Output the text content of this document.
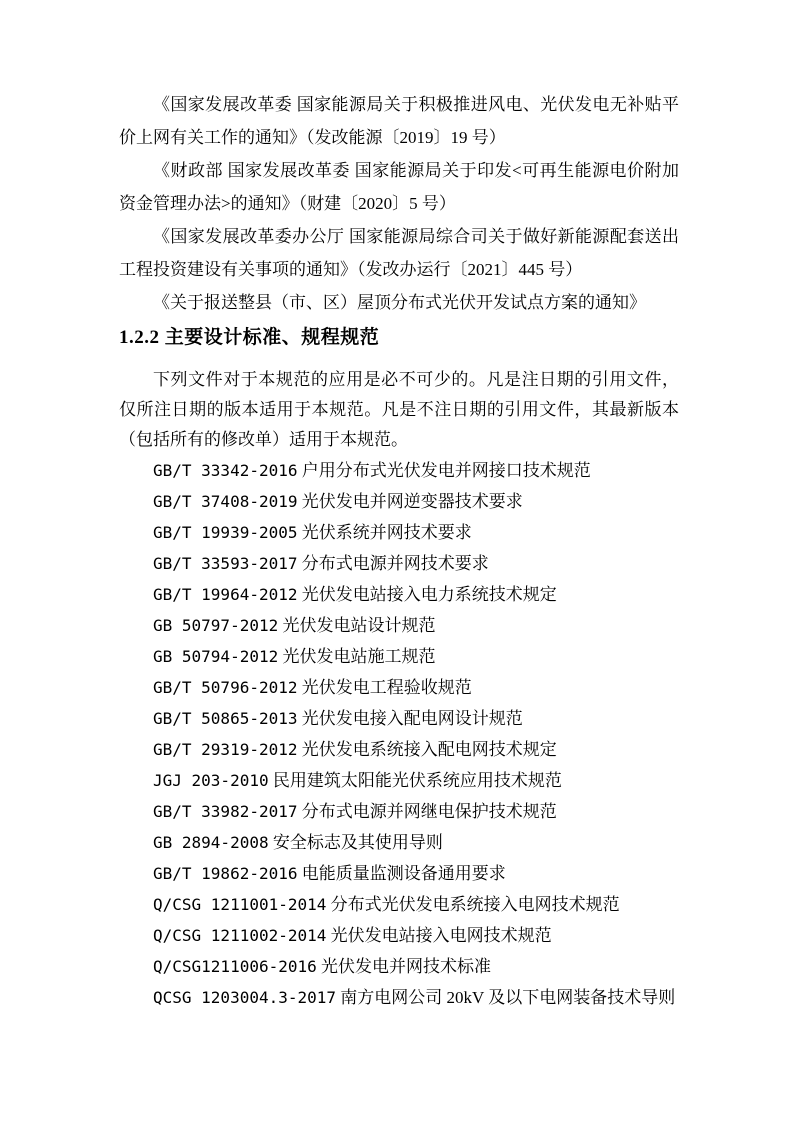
《国家发展改革委 国家能源局关于积极推进风电、光伏发电无补贴平价上网有关工作的通知》（发改能源〔2019〕19 号）

《财政部 国家发展改革委 国家能源局关于印发<可再生能源电价附加资金管理办法>的通知》（财建〔2020〕5 号）

《国家发展改革委办公厅 国家能源局综合司关于做好新能源配套送出工程投资建设有关事项的通知》（发改办运行〔2021〕445 号）

《关于报送整县（市、区）屋顶分布式光伏开发试点方案的通知》

1.2.2 主要设计标准、规程规范

下列文件对于本规范的应用是必不可少的。凡是注日期的引用文件，仅所注日期的版本适用于本规范。凡是不注日期的引用文件，其最新版本（包括所有的修改单）适用于本规范。

GB/T 33342-2016 户用分布式光伏发电并网接口技术规范

GB/T 37408-2019 光伏发电并网逆变器技术要求

GB/T 19939-2005 光伏系统并网技术要求

GB/T 33593-2017 分布式电源并网技术要求

GB/T 19964-2012 光伏发电站接入电力系统技术规定

GB 50797-2012 光伏发电站设计规范

GB 50794-2012 光伏发电站施工规范

GB/T 50796-2012 光伏发电工程验收规范

GB/T 50865-2013 光伏发电接入配电网设计规范

GB/T 29319-2012 光伏发电系统接入配电网技术规定

JGJ 203-2010 民用建筑太阳能光伏系统应用技术规范

GB/T 33982-2017 分布式电源并网继电保护技术规范

GB 2894-2008 安全标志及其使用导则

GB/T 19862-2016 电能质量监测设备通用要求

Q/CSG 1211001-2014 分布式光伏发电系统接入电网技术规范

Q/CSG 1211002-2014 光伏发电站接入电网技术规范

Q/CSG1211006-2016 光伏发电并网技术标准

QCSG 1203004.3-2017 南方电网公司 20kV 及以下电网装备技术导则
